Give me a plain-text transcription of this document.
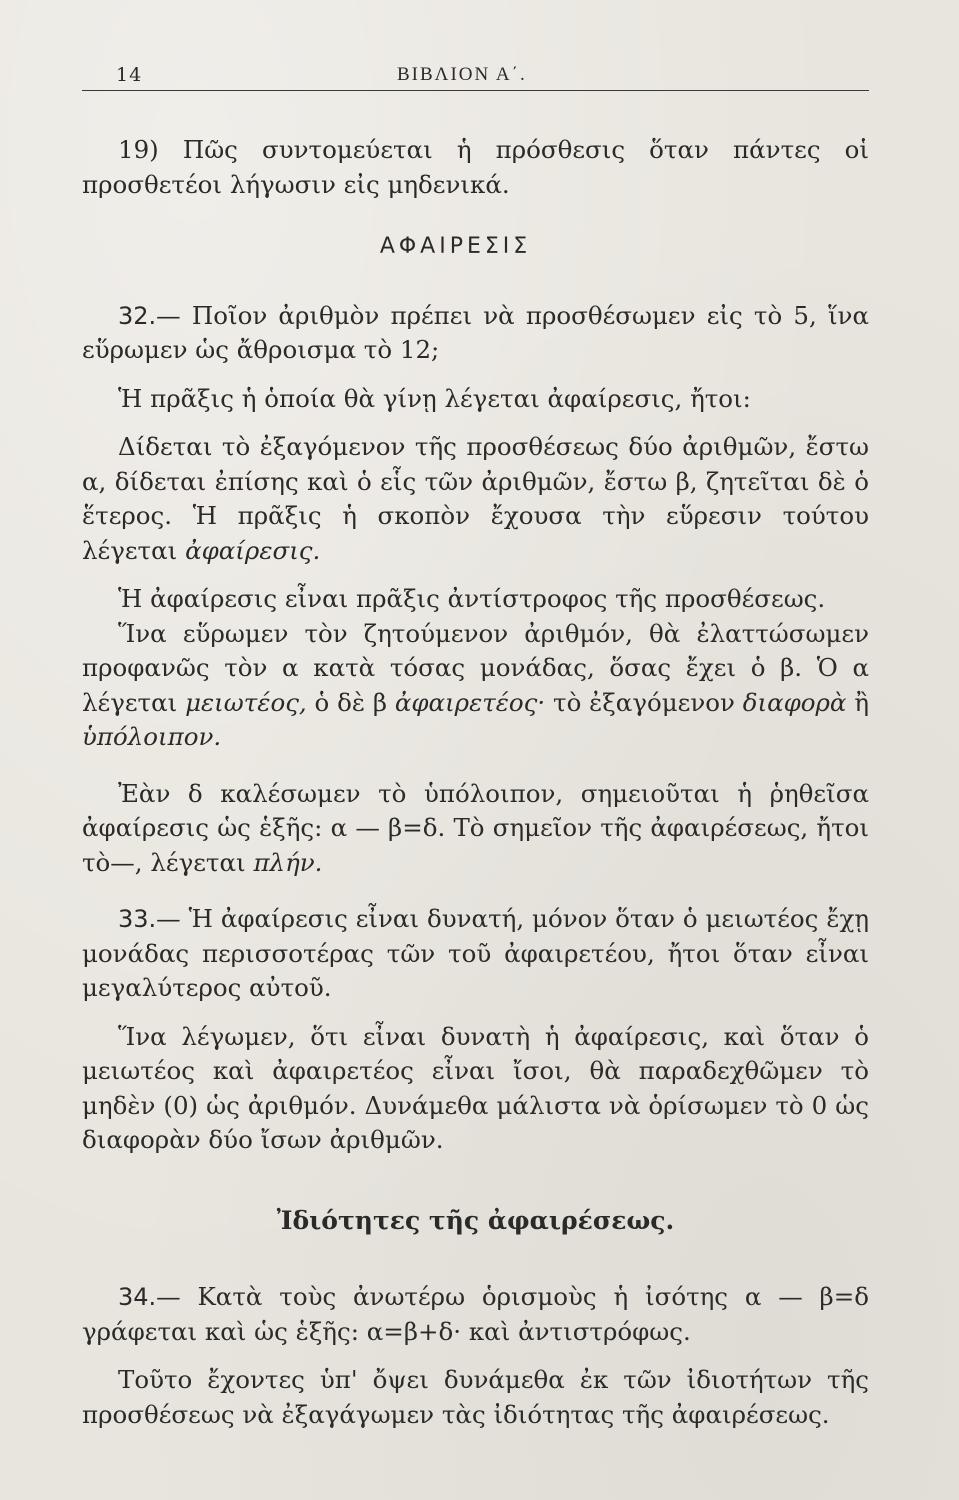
14	ΒΙΒΛΙΟΝ Α΄.

19) Πῶς συντομεύεται ἡ πρόσθεσις ὅταν πάντες οἱ προσθετέοι λήγωσιν εἰς μηδενικά.

ΑΦΑΙΡΕΣΙΣ

32.— Ποῖον ἀριθμὸν πρέπει νὰ προσθέσωμεν εἰς τὸ 5, ἵνα εὕρωμεν ὡς ἄθροισμα τὸ 12;

Ἡ πρᾶξις ἡ ὁποία θὰ γίνῃ λέγεται ἀφαίρεσις, ἤτοι:

Δίδεται τὸ ἐξαγόμενον τῆς προσθέσεως δύο ἀριθμῶν, ἔστω α, δίδεται ἐπίσης καὶ ὁ εἷς τῶν ἀριθμῶν, ἔστω β, ζητεῖται δὲ ὁ ἕτερος. Ἡ πρᾶξις ἡ σκοπὸν ἔχουσα τὴν εὕρεσιν τούτου λέγεται ἀφαίρεσις.

Ἡ ἀφαίρεσις εἶναι πρᾶξις ἀντίστροφος τῆς προσθέσεως.

Ἵνα εὕρωμεν τὸν ζητούμενον ἀριθμόν, θὰ ἐλαττώσωμεν προφανῶς τὸν α κατὰ τόσας μονάδας, ὅσας ἔχει ὁ β. Ὁ α λέγεται μειωτέος, ὁ δὲ β ἀφαιρετέος· τὸ ἐξαγόμενον διαφορὰ ἢ ὑπόλοιπον.

Ἐὰν δ καλέσωμεν τὸ ὑπόλοιπον, σημειοῦται ἡ ῥηθεῖσα ἀφαίρεσις ὡς ἑξῆς: α — β=δ. Τὸ σημεῖον τῆς ἀφαιρέσεως, ἤτοι τὸ—, λέγεται πλήν.

33.— Ἡ ἀφαίρεσις εἶναι δυνατή, μόνον ὅταν ὁ μειωτέος ἔχῃ μονάδας περισσοτέρας τῶν τοῦ ἀφαιρετέου, ἤτοι ὅταν εἶναι μεγαλύτερος αὐτοῦ.

Ἵνα λέγωμεν, ὅτι εἶναι δυνατὴ ἡ ἀφαίρεσις, καὶ ὅταν ὁ μειωτέος καὶ ἀφαιρετέος εἶναι ἴσοι, θὰ παραδεχθῶμεν τὸ μηδὲν (0) ὡς ἀριθμόν. Δυνάμεθα μάλιστα νὰ ὁρίσωμεν τὸ 0 ὡς διαφορὰν δύο ἴσων ἀριθμῶν.

Ἰδιότητες τῆς ἀφαιρέσεως.

34.— Κατὰ τοὺς ἀνωτέρω ὁρισμοὺς ἡ ἰσότης α — β=δ γράφεται καὶ ὡς ἑξῆς: α=β+δ· καὶ ἀντιστρόφως.

Τοῦτο ἔχοντες ὑπ' ὄψει δυνάμεθα ἐκ τῶν ἰδιοτήτων τῆς προσθέσεως νὰ ἐξαγάγωμεν τὰς ἰδιότητας τῆς ἀφαιρέσεως.
